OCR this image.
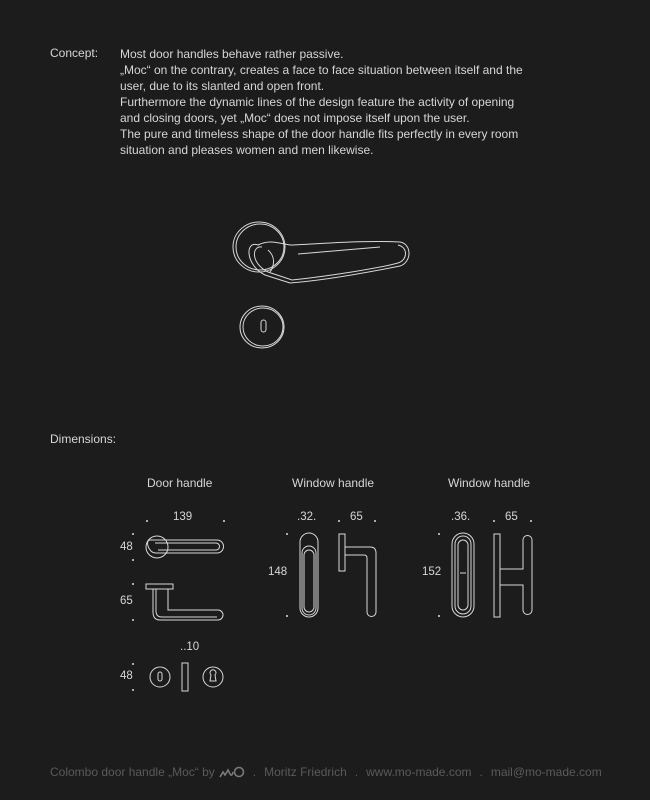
Concept: Most door handles behave rather passive.
„Moc“ on the contrary, creates a face to face situation between itself and the
user, due to its slanted and open front.
Furthermore the dynamic lines of the design feature the activity of opening
and closing doors, yet „Moc“ does not impose itself upon the user.
The pure and timeless shape of the door handle fits perfectly in every room
situation and pleases women and men likewise.
Dimensions:
Door handle	Window handle	Window handle
139
48
65
..10
48
.32.	65
148
.36.	65
152
Colombo door handle „Moc“ by	. Moritz Friedrich . www.mo-made.com . mail@mo-made.com
